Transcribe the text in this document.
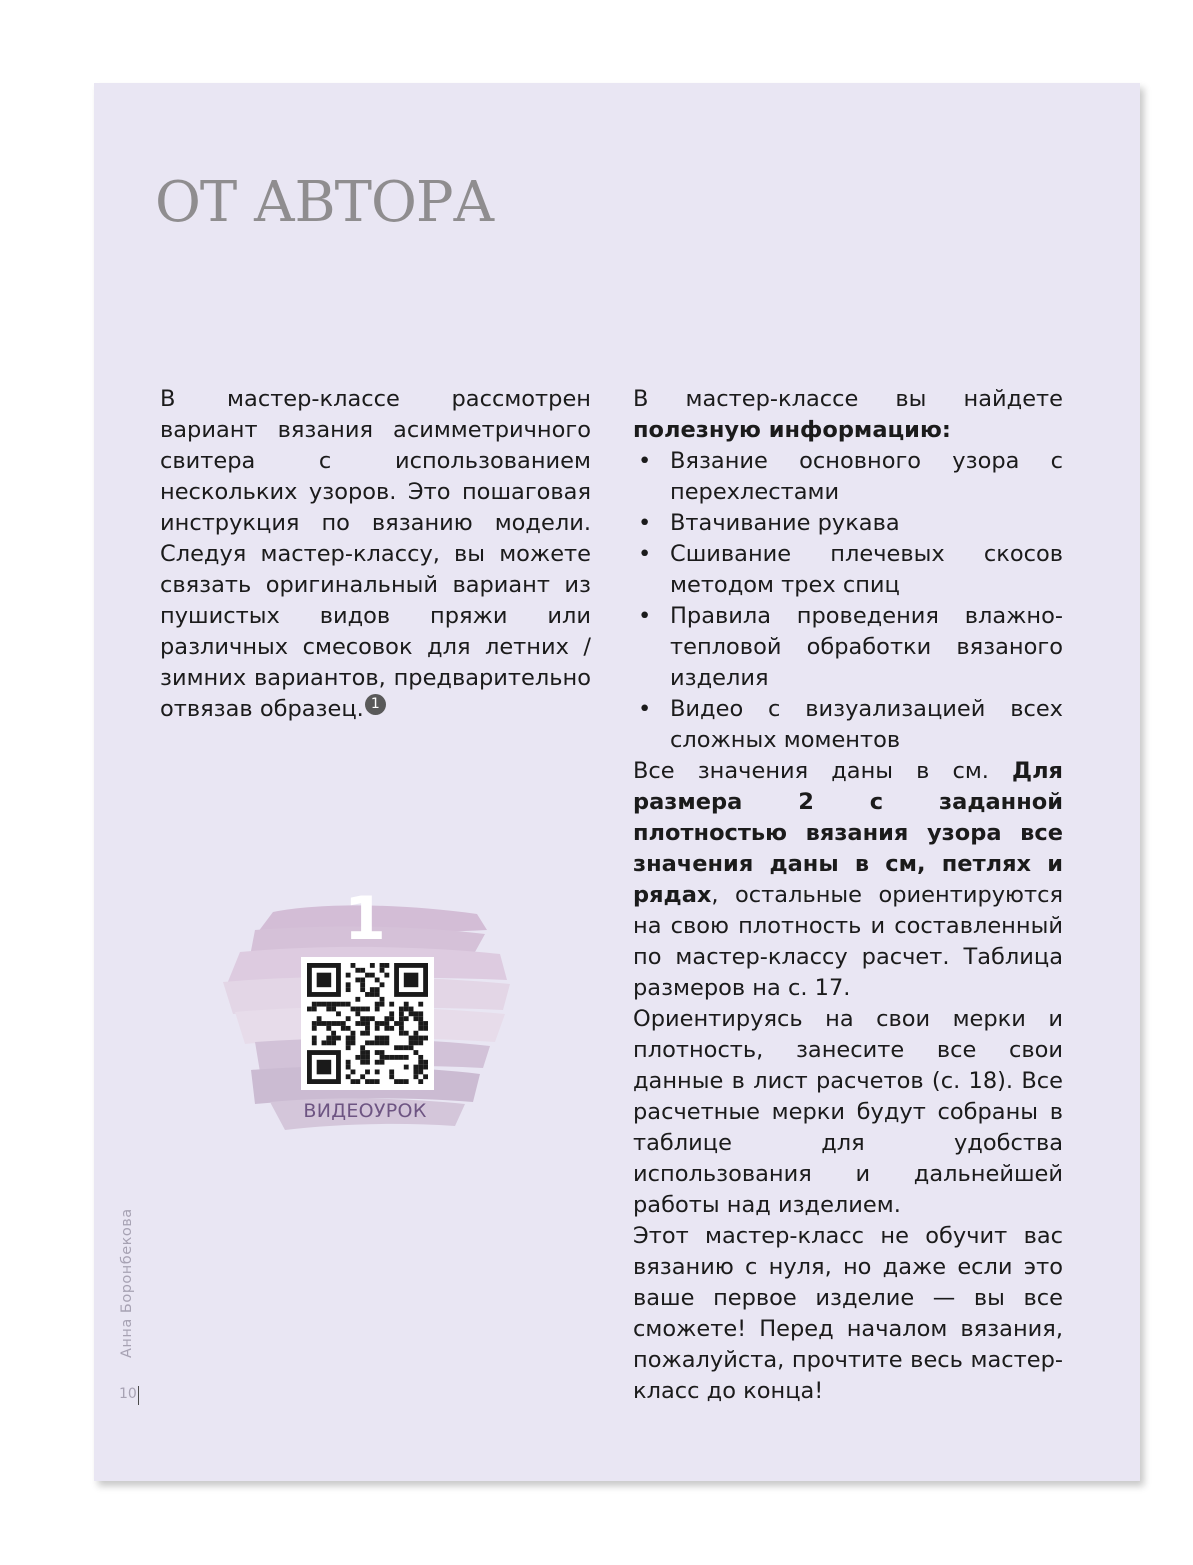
ОТ АВТОРА
В мастер-классе рассмотрен вариант вязания асимметричного свитера с использованием нескольких узоров. Это пошаговая инструкция по вязанию модели. Следуя мастер-классу, вы можете связать оригинальный вариант из пушистых видов пряжи или различных смесовок для летних / зимних вариантов, предварительно отвязав образец. 1

В мастер-классе вы найдете полезную информацию:

• Вязание основного узора с перехлестами
• Втачивание рукава
• Сшивание плечевых скосов методом трех спиц
• Правила проведения влажно-тепловой обработки вязаного изделия
• Видео с визуализацией всех сложных моментов

Все значения даны в см. Для размера 2 с заданной плотностью вязания узора все значения даны в см, петлях и рядах, остальные ориентируются на свою плотность и составленный по мастер-классу расчет. Таблица размеров на с. 17.

Ориентируясь на свои мерки и плотность, занесите все свои данные в лист расчетов (с. 18). Все расчетные мерки будут собраны в таблице для удобства использования и дальнейшей работы над изделием.

Этот мастер-класс не обучит вас вязанию с нуля, но даже если это ваше первое изделие — вы все сможете! Перед началом вязания, пожалуйста, прочтите весь мастер-класс до конца!

1
ВИДЕОУРОК
Анна Боронбекова
10
